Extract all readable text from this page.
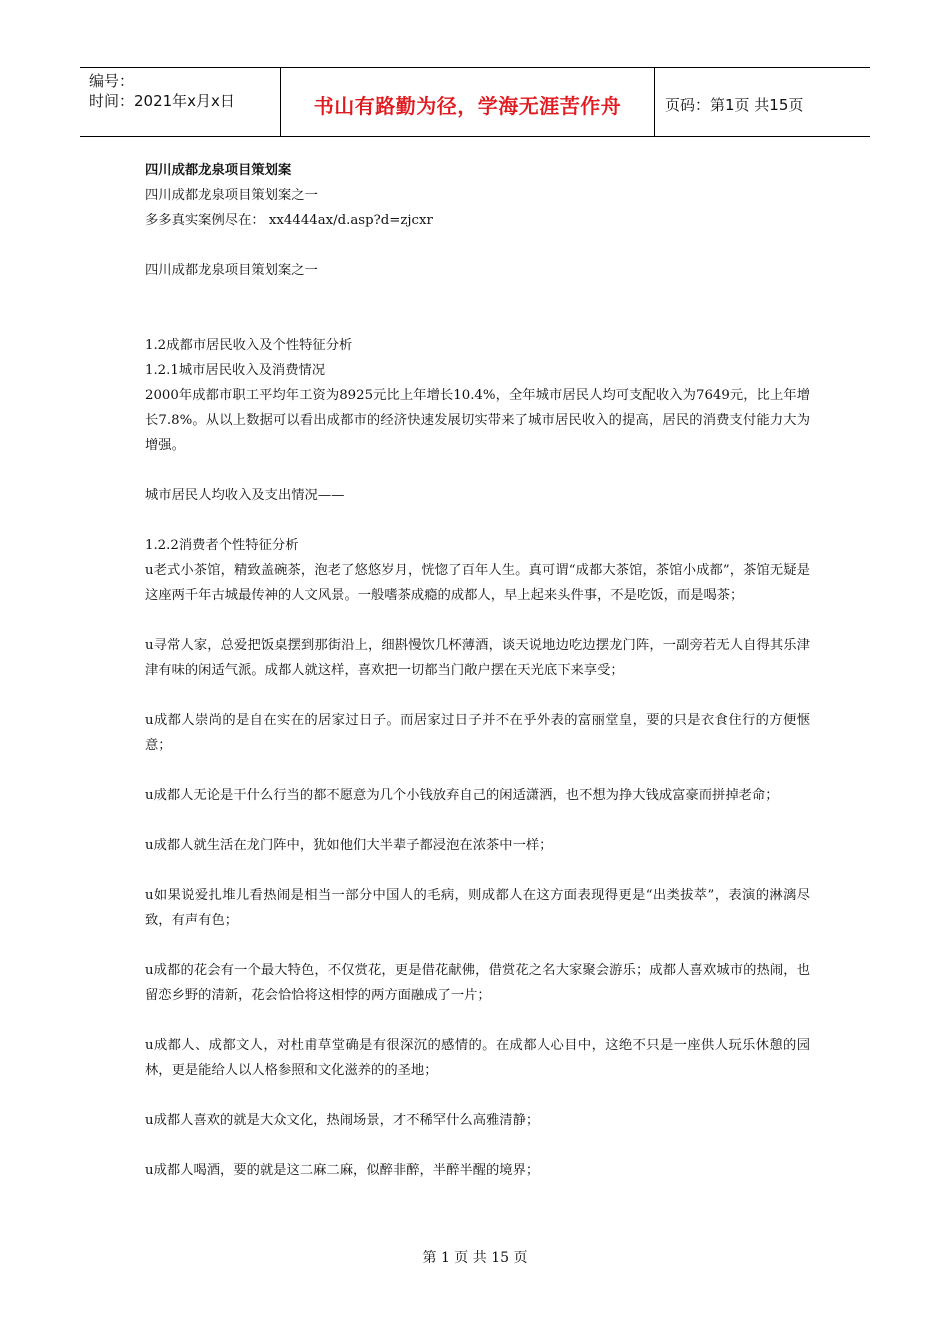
编号：
时间：2021年x月x日	书山有路勤为径，学海无涯苦作舟	页码：第1页 共15页

四川成都龙泉项目策划案

四川成都龙泉项目策划案之一

多多真实案例尽在： xx4444ax/d.asp?d=zjcxr

四川成都龙泉项目策划案之一

1.2成都市居民收入及个性特征分析

1.2.1城市居民收入及消费情况

2000年成都市职工平均年工资为8925元比上年增长10.4%，全年城市居民人均可支配收入为7649元，比上年增长7.8%。从以上数据可以看出成都市的经济快速发展切实带来了城市居民收入的提高，居民的消费支付能力大为增强。

城市居民人均收入及支出情况——

1.2.2消费者个性特征分析

u老式小茶馆，精致盖碗茶，泡老了悠悠岁月，恍惚了百年人生。真可谓“成都大茶馆，茶馆小成都”，茶馆无疑是这座两千年古城最传神的人文风景。一般嗜茶成瘾的成都人，早上起来头件事，不是吃饭，而是喝茶；

u寻常人家，总爱把饭桌摆到那街沿上，细斟慢饮几杯薄酒，谈天说地边吃边摆龙门阵，一副旁若无人自得其乐津津有味的闲适气派。成都人就这样，喜欢把一切都当门敞户摆在天光底下来享受；

u成都人崇尚的是自在实在的居家过日子。而居家过日子并不在乎外表的富丽堂皇，要的只是衣食住行的方便惬意；

u成都人无论是干什么行当的都不愿意为几个小钱放弃自己的闲适潇洒，也不想为挣大钱成富豪而拼掉老命；

u成都人就生活在龙门阵中，犹如他们大半辈子都浸泡在浓茶中一样；

u如果说爱扎堆儿看热闹是相当一部分中国人的毛病，则成都人在这方面表现得更是“出类拔萃”，表演的淋漓尽致，有声有色；

u成都的花会有一个最大特色，不仅赏花，更是借花献佛，借赏花之名大家聚会游乐；成都人喜欢城市的热闹，也留恋乡野的清新，花会恰恰将这相悖的两方面融成了一片；

u成都人、成都文人，对杜甫草堂确是有很深沉的感情的。在成都人心目中，这绝不只是一座供人玩乐休憩的园林，更是能给人以人格参照和文化滋养的的圣地；

u成都人喜欢的就是大众文化，热闹场景，才不稀罕什么高雅清静；

u成都人喝酒，要的就是这二麻二麻，似醉非醉，半醉半醒的境界；

第 1 页 共 15 页
